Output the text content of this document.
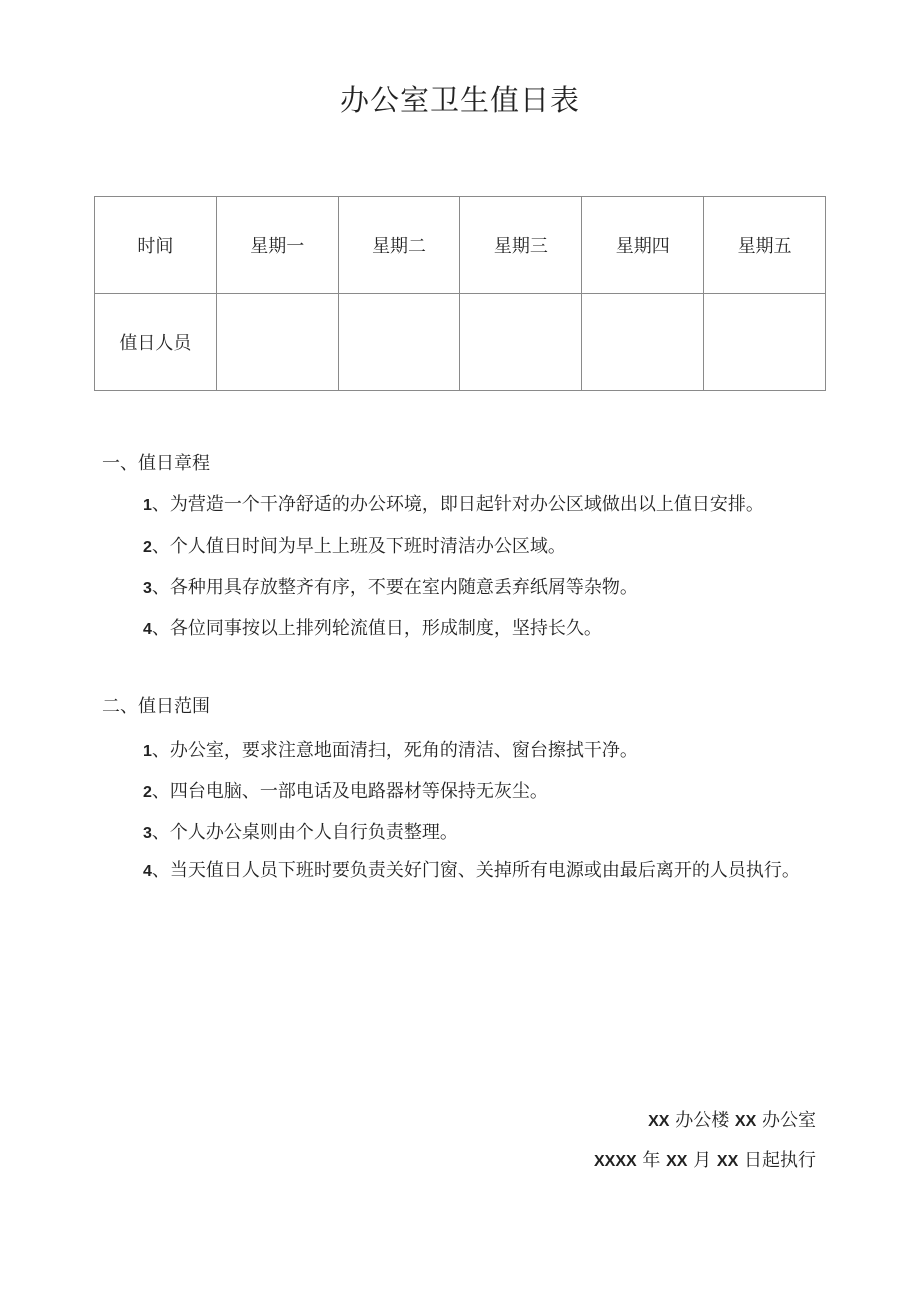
办公室卫生值日表
时间	星期一	星期二	星期三	星期四	星期五
值日人员					

一、值日章程

1、为营造一个干净舒适的办公环境，即日起针对办公区域做出以上值日安排。

2、个人值日时间为早上上班及下班时清洁办公区域。

3、各种用具存放整齐有序，不要在室内随意丢弃纸屑等杂物。

4、各位同事按以上排列轮流值日，形成制度，坚持长久。

二、值日范围

1、办公室，要求注意地面清扫，死角的清洁、窗台擦拭干净。

2、四台电脑、一部电话及电路器材等保持无灰尘。

3、个人办公桌则由个人自行负责整理。

4、当天值日人员下班时要负责关好门窗、关掉所有电源或由最后离开的人员执行。

XX 办公楼 XX 办公室

XXXX 年 XX 月 XX 日起执行
